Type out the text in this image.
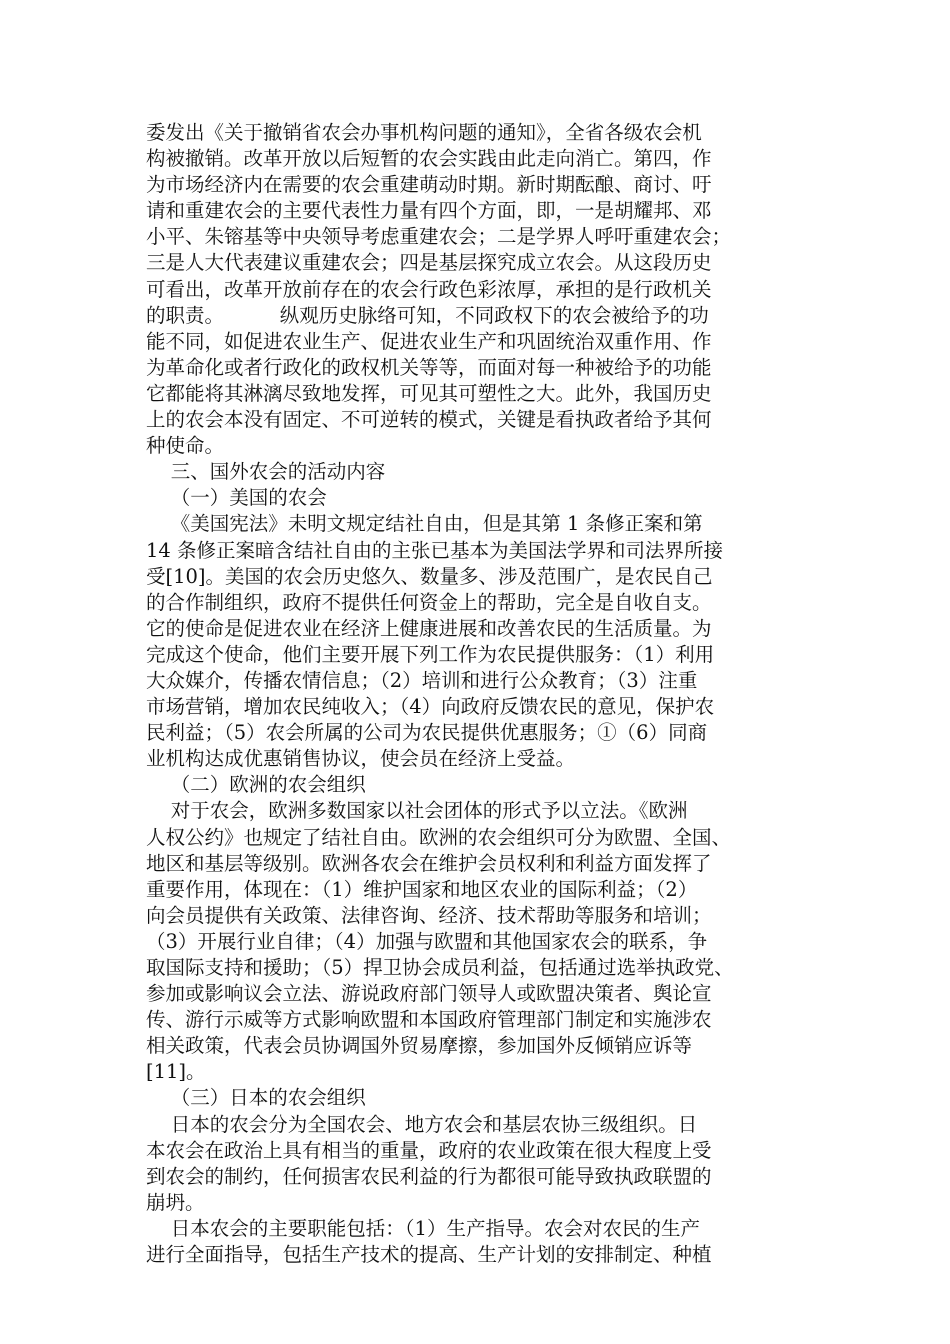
委发出《关于撤销省农会办事机构问题的通知》，全省各级农会机
构被撤销。改革开放以后短暂的农会实践由此走向消亡。第四，作
为市场经济内在需要的农会重建萌动时期。新时期酝酿、商讨、吁
请和重建农会的主要代表性力量有四个方面，即，一是胡耀邦、邓
小平、朱镕基等中央领导考虑重建农会；二是学界人呼吁重建农会；
三是人大代表建议重建农会；四是基层探究成立农会。从这段历史
可看出，改革开放前存在的农会行政色彩浓厚，承担的是行政机关
的职责。         纵观历史脉络可知，不同政权下的农会被给予的功
能不同，如促进农业生产、促进农业生产和巩固统治双重作用、作
为革命化或者行政化的政权机关等等，而面对每一种被给予的功能
它都能将其淋漓尽致地发挥，可见其可塑性之大。此外，我国历史
上的农会本没有固定、不可逆转的模式，关键是看执政者给予其何
种使命。
三、国外农会的活动内容
（一）美国的农会
《美国宪法》未明文规定结社自由，但是其第 1 条修正案和第
14 条修正案暗含结社自由的主张已基本为美国法学界和司法界所接
受[10]。美国的农会历史悠久、数量多、涉及范围广，是农民自己
的合作制组织，政府不提供任何资金上的帮助，完全是自收自支。
它的使命是促进农业在经济上健康进展和改善农民的生活质量。为
完成这个使命，他们主要开展下列工作为农民提供服务：（1）利用
大众媒介，传播农情信息；（2）培训和进行公众教育；（3）注重
市场营销，增加农民纯收入；（4）向政府反馈农民的意见，保护农
民利益；（5）农会所属的公司为农民提供优惠服务；①（6）同商
业机构达成优惠销售协议，使会员在经济上受益。
（二）欧洲的农会组织
对于农会，欧洲多数国家以社会团体的形式予以立法。《欧洲
人权公约》也规定了结社自由。欧洲的农会组织可分为欧盟、全国、
地区和基层等级别。欧洲各农会在维护会员权利和利益方面发挥了
重要作用，体现在：（1）维护国家和地区农业的国际利益；（2）
向会员提供有关政策、法律咨询、经济、技术帮助等服务和培训；
（3）开展行业自律；（4）加强与欧盟和其他国家农会的联系，争
取国际支持和援助；（5）捍卫协会成员利益，包括通过选举执政党、
参加或影响议会立法、游说政府部门领导人或欧盟决策者、舆论宣
传、游行示威等方式影响欧盟和本国政府管理部门制定和实施涉农
相关政策，代表会员协调国外贸易摩擦，参加国外反倾销应诉等
[11]。
（三）日本的农会组织
日本的农会分为全国农会、地方农会和基层农协三级组织。日
本农会在政治上具有相当的重量，政府的农业政策在很大程度上受
到农会的制约，任何损害农民利益的行为都很可能导致执政联盟的
崩坍。
日本农会的主要职能包括：（1）生产指导。农会对农民的生产
进行全面指导，包括生产技术的提高、生产计划的安排制定、种植
